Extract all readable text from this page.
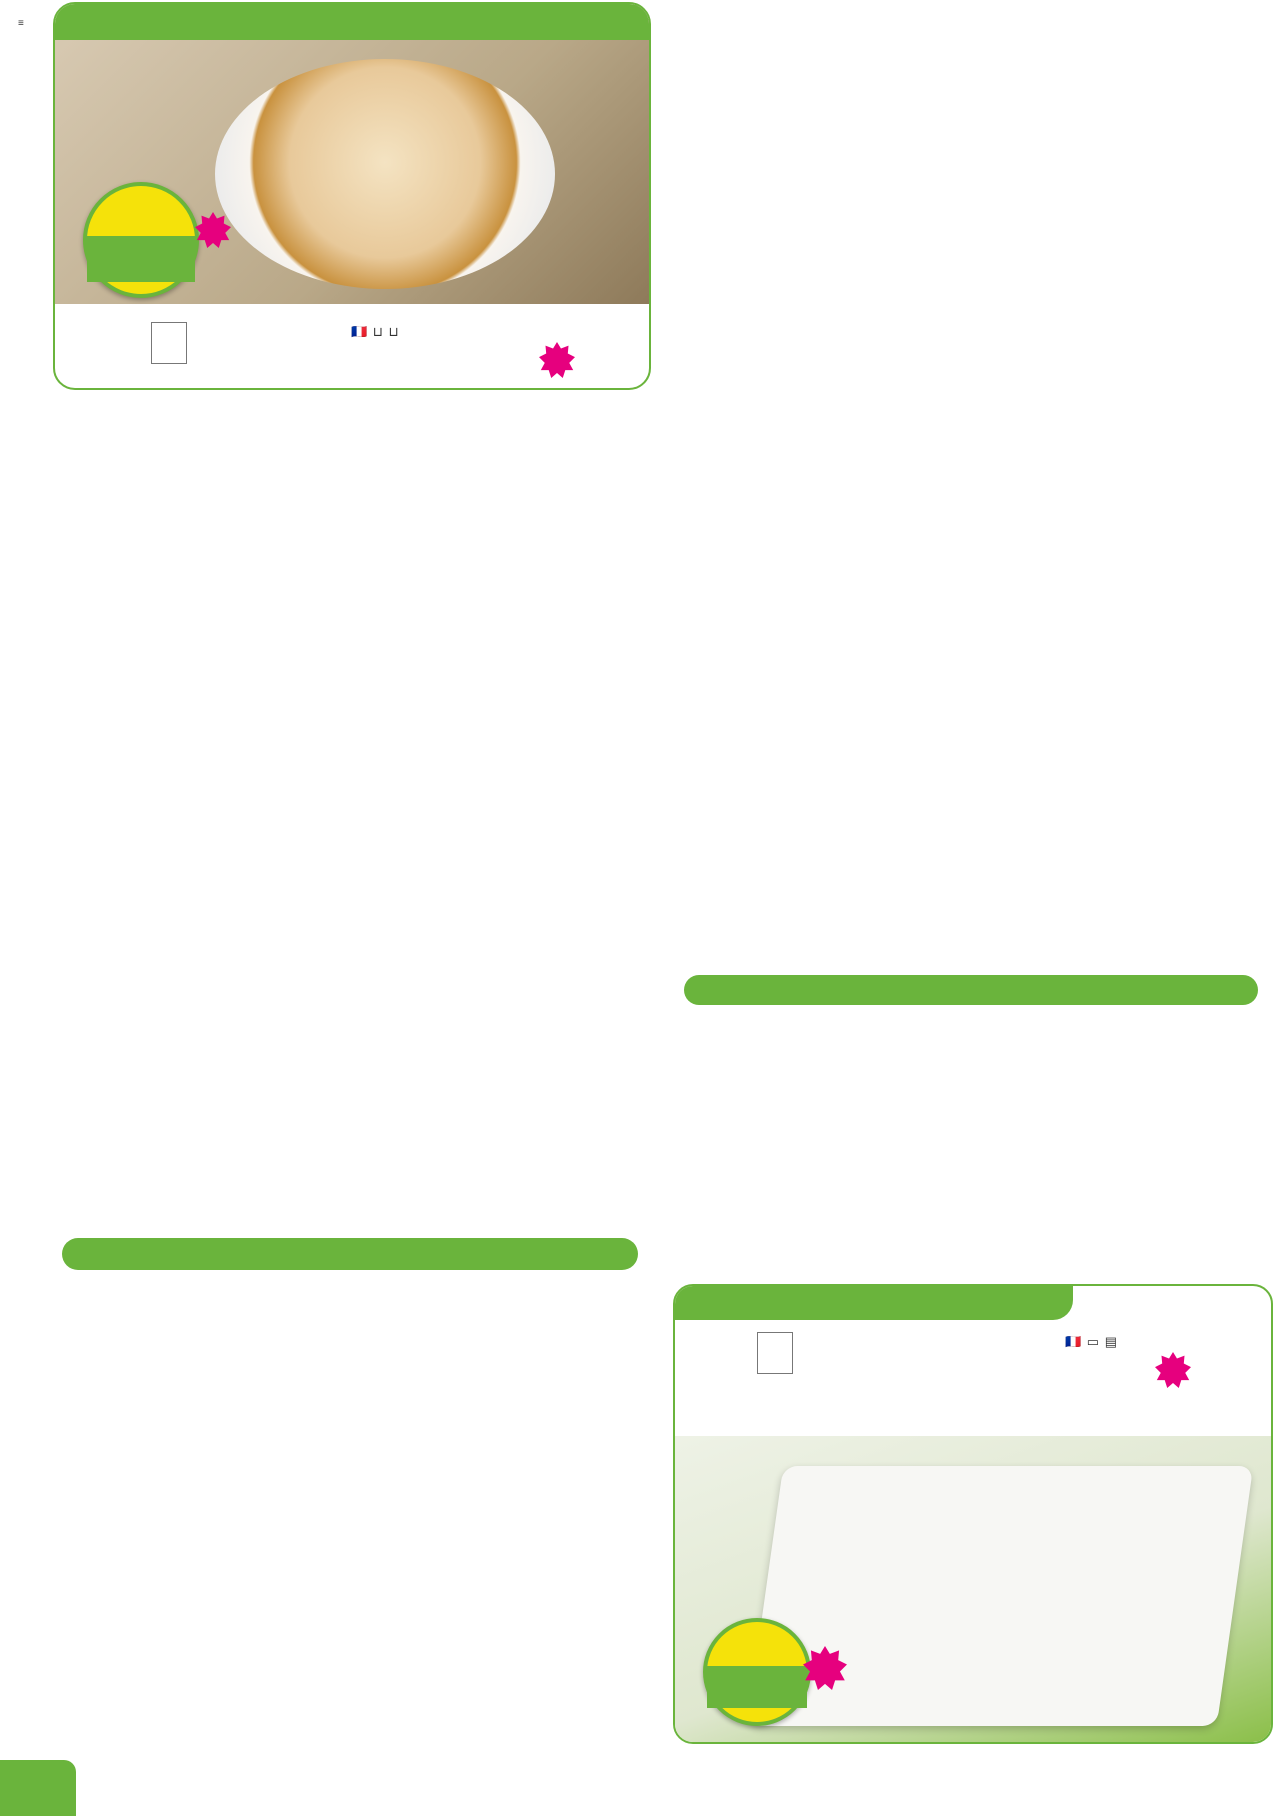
🇫🇷 ⊔ ⊔
≡
🇫🇷 ▭ ▤
